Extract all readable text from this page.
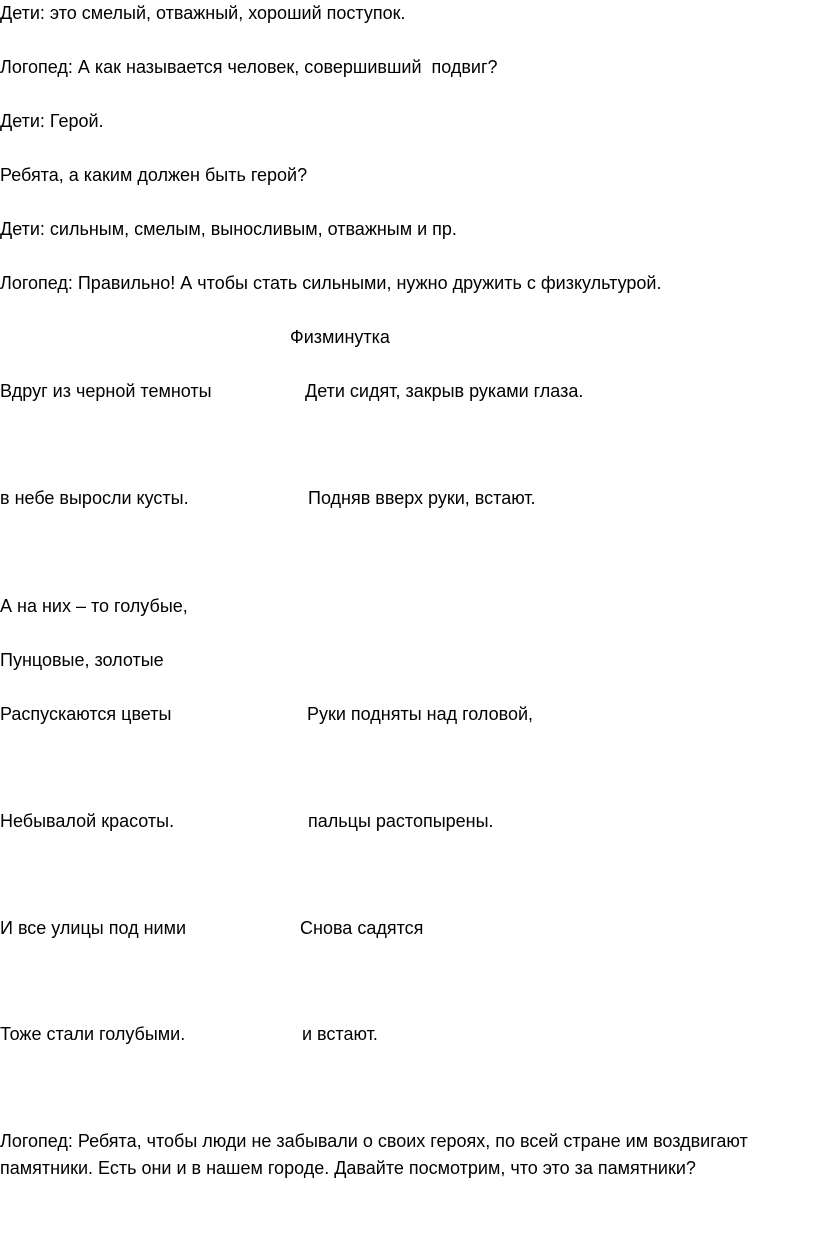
Дети: это смелый, отважный, хороший поступок.

Логопед: А как называется человек, совершивший  подвиг?

Дети: Герой.

Ребята, а каким должен быть герой?

Дети: сильным, смелым, выносливым, отважным и пр.

Логопед: Правильно! А чтобы стать сильными, нужно дружить с физкультурой.

Физминутка

Вдруг из черной темноты	Дети сидят, закрыв руками глаза.

в небе выросли кусты.	Подняв вверх руки, встают.

А на них – то голубые,

Пунцовые, золотые

Распускаются цветы	Руки подняты над головой,

Небывалой красоты.	пальцы растопырены.

И все улицы под ними	Снова садятся

Тоже стали голубыми.	и встают.

Логопед: Ребята, чтобы люди не забывали о своих героях, по всей стране им воздвигают памятники. Есть они и в нашем городе. Давайте посмотрим, что это за памятники?
